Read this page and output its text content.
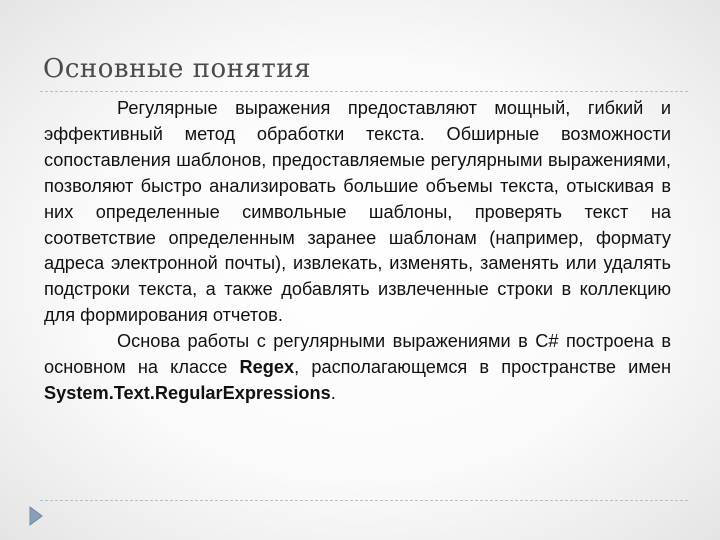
Основные понятия

Регулярные выражения предоставляют мощный, гибкий и эффективный метод обработки текста. Обширные возможности сопоставления шаблонов, предоставляемые регулярными выражениями, позволяют быстро анализировать большие объемы текста, отыскивая в них определенные символьные шаблоны, проверять текст на соответствие определенным заранее шаблонам (например, формату адреса электронной почты), извлекать, изменять, заменять или удалять подстроки текста, а также добавлять извлеченные строки в коллекцию для формирования отчетов.

Основа работы с регулярными выражениями в C# построена в основном на классе Regex, располагающемся в пространстве имен System.Text.RegularExpressions.
